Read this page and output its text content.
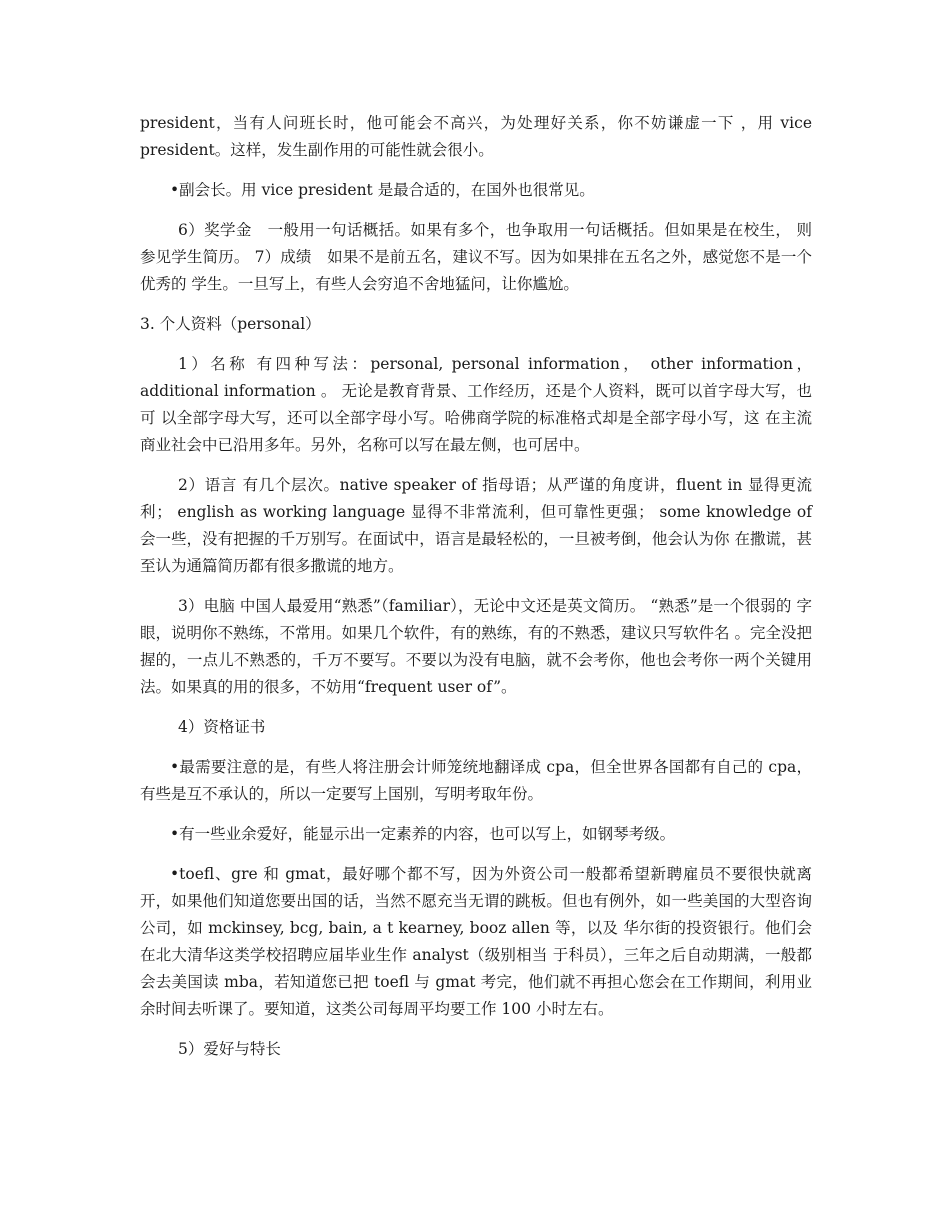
president，当有人问班长时，他可能会不高兴，为处理好关系，你不妨谦虚一下 ，用 vice president。这样，发生副作用的可能性就会很小。

•副会长。用 vice president 是最合适的，在国外也很常见。

6）奖学金　一般用一句话概括。如果有多个，也争取用一句话概括。但如果是在校生， 则参见学生简历。 7）成绩　如果不是前五名，建议不写。因为如果排在五名之外，感觉您不是一个优秀的 学生。一旦写上，有些人会穷追不舍地猛问，让你尴尬。

3. 个人资料（personal）

1）名称 有四种写法：personal, personal information， other information， additional information 。 无论是教育背景、工作经历，还是个人资料，既可以首字母大写，也可 以全部字母大写，还可以全部字母小写。哈佛商学院的标准格式却是全部字母小写，这 在主流商业社会中已沿用多年。另外，名称可以写在最左侧，也可居中。

2）语言 有几个层次。native speaker of 指母语；从严谨的角度讲，fluent in 显得更流利； english as working language 显得不非常流利，但可靠性更强； some knowledge of 会一些，没有把握的千万别写。在面试中，语言是最轻松的，一旦被考倒，他会认为你 在撒谎，甚至认为通篇简历都有很多撒谎的地方。

3）电脑 中国人最爱用“熟悉”（familiar），无论中文还是英文简历。 “熟悉”是一个很弱的 字眼，说明你不熟练，不常用。如果几个软件，有的熟练，有的不熟悉，建议只写软件名 。完全没把握的，一点儿不熟悉的，千万不要写。不要以为没有电脑，就不会考你，他也会考你一两个关键用法。如果真的用的很多，不妨用“frequent user of”。

4）资格证书

•最需要注意的是，有些人将注册会计师笼统地翻译成 cpa，但全世界各国都有自己的 cpa，有些是互不承认的，所以一定要写上国别，写明考取年份。

•有一些业余爱好，能显示出一定素养的内容，也可以写上，如钢琴考级。

•toefl、gre 和 gmat，最好哪个都不写，因为外资公司一般都希望新聘雇员不要很快就离开，如果他们知道您要出国的话，当然不愿充当无谓的跳板。但也有例外，如一些美国的大型咨询公司，如 mckinsey, bcg, bain, a t kearney, booz allen 等，以及 华尔街的投资银行。他们会在北大清华这类学校招聘应届毕业生作 analyst（级别相当 于科员），三年之后自动期满，一般都会去美国读 mba，若知道您已把 toefl 与 gmat 考完，他们就不再担心您会在工作期间，利用业余时间去听课了。要知道，这类公司每周平均要工作 100 小时左右。

5）爱好与特长
